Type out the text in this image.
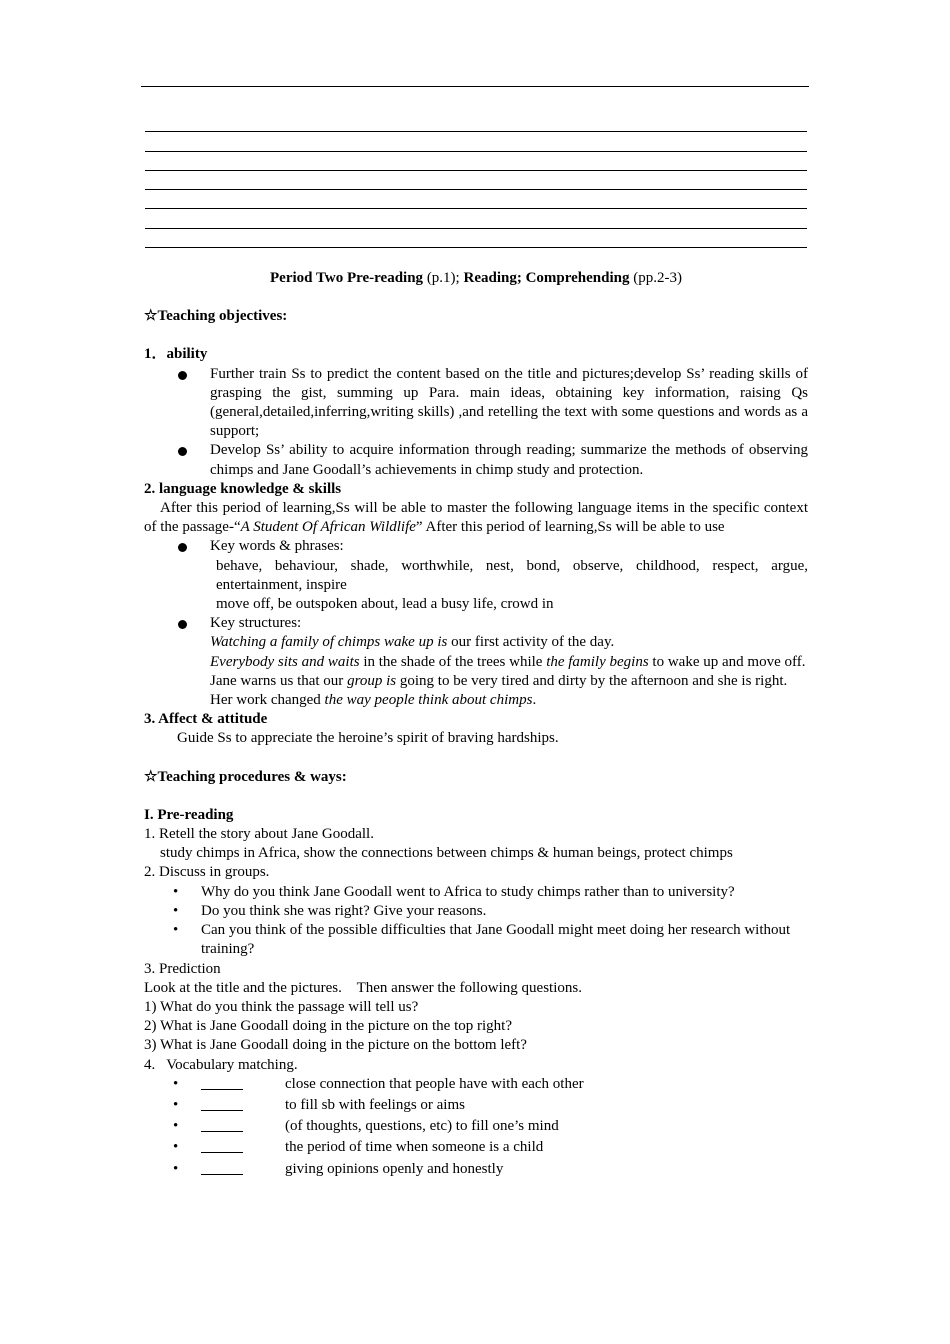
Period Two Pre-reading (p.1); Reading; Comprehending (pp.2-3)
☆Teaching objectives:
1．ability
Further train Ss to predict the content based on the title and pictures;develop Ss’ reading skills of grasping the gist, summing up Para. main ideas, obtaining key information, raising Qs (general,detailed,inferring,writing skills) ,and retelling the text with some questions and words as a support;
Develop Ss’ ability to acquire information through reading; summarize the methods of observing chimps and Jane Goodall’s achievements in chimp study and protection.
2. language knowledge & skills
After this period of learning,Ss will be able to master the following language items in the specific context of the passage-“A Student Of African Wildlife” After this period of learning,Ss will be able to use
Key words & phrases:
behave, behaviour, shade, worthwhile, nest, bond, observe, childhood, respect, argue, entertainment, inspire
move off, be outspoken about, lead a busy life, crowd in
Key structures:
Watching a family of chimps wake up is our first activity of the day.
Everybody sits and waits in the shade of the trees while the family begins to wake up and move off.
Jane warns us that our group is going to be very tired and dirty by the afternoon and she is right.
Her work changed the way people think about chimps.
3. Affect & attitude
Guide Ss to appreciate the heroine’s spirit of braving hardships.
☆Teaching procedures & ways:
I. Pre-reading
1. Retell the story about Jane Goodall.
study chimps in Africa, show the connections between chimps & human beings, protect chimps
2. Discuss in groups.
• Why do you think Jane Goodall went to Africa to study chimps rather than to university?
• Do you think she was right? Give your reasons.
• Can you think of the possible difficulties that Jane Goodall might meet doing her research without training?
3. Prediction
Look at the title and the pictures.    Then answer the following questions.
1) What do you think the passage will tell us?
2) What is Jane Goodall doing in the picture on the top right?
3) What is Jane Goodall doing in the picture on the bottom left?
4.   Vocabulary matching.
•	close connection that people have with each other
•	to fill sb with feelings or aims
•	(of thoughts, questions, etc) to fill one’s mind
•	the period of time when someone is a child
•	giving opinions openly and honestly
